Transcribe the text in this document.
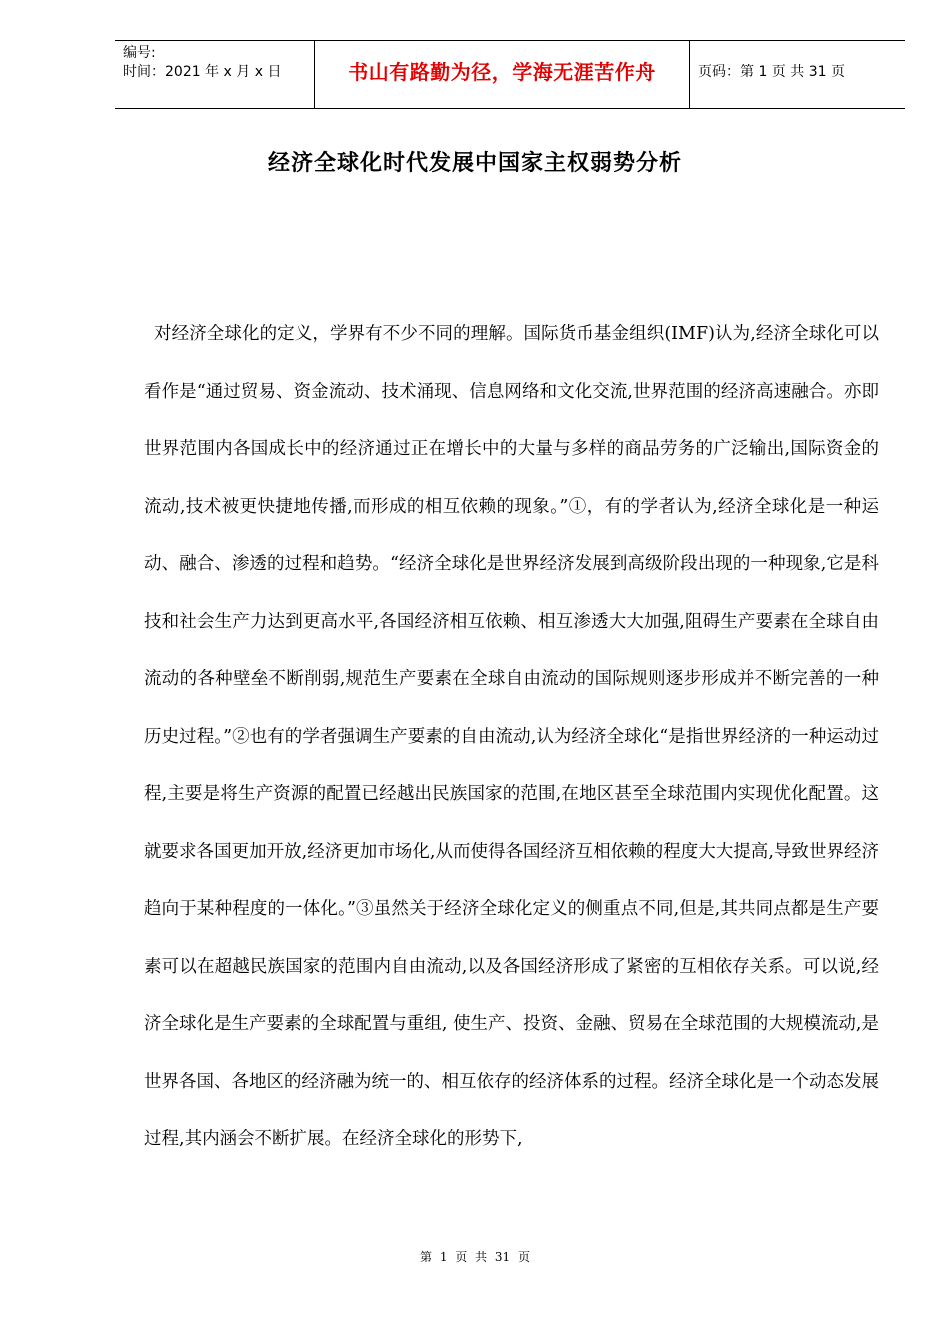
编号:
时间：2021 年 x 月 x 日	书山有路勤为径，学海无涯苦作舟	页码：第 1 页 共 31 页
经济全球化时代发展中国家主权弱势分析

对经济全球化的定义，学界有不少不同的理解。国际货币基金组织(IMF)认为,经济全球化可以看作是“通过贸易、资金流动、技术涌现、信息网络和文化交流,世界范围的经济高速融合。亦即世界范围内各国成长中的经济通过正在增长中的大量与多样的商品劳务的广泛输出,国际资金的流动,技术被更快捷地传播,而形成的相互依赖的现象。”①，有的学者认为,经济全球化是一种运动、融合、渗透的过程和趋势。“经济全球化是世界经济发展到高级阶段出现的一种现象,它是科技和社会生产力达到更高水平,各国经济相互依赖、相互渗透大大加强,阻碍生产要素在全球自由流动的各种壁垒不断削弱,规范生产要素在全球自由流动的国际规则逐步形成并不断完善的一种历史过程。”②也有的学者强调生产要素的自由流动,认为经济全球化“是指世界经济的一种运动过程,主要是将生产资源的配置已经越出民族国家的范围,在地区甚至全球范围内实现优化配置。这就要求各国更加开放,经济更加市场化,从而使得各国经济互相依赖的程度大大提高,导致世界经济趋向于某种程度的一体化。”③虽然关于经济全球化定义的侧重点不同,但是,其共同点都是生产要素可以在超越民族国家的范围内自由流动,以及各国经济形成了紧密的互相依存关系。可以说,经济全球化是生产要素的全球配置与重组, 使生产、投资、金融、贸易在全球范围的大规模流动,是世界各国、各地区的经济融为统一的、相互依存的经济体系的过程。经济全球化是一个动态发展过程,其内涵会不断扩展。在经济全球化的形势下,

第 1 页 共 31 页
